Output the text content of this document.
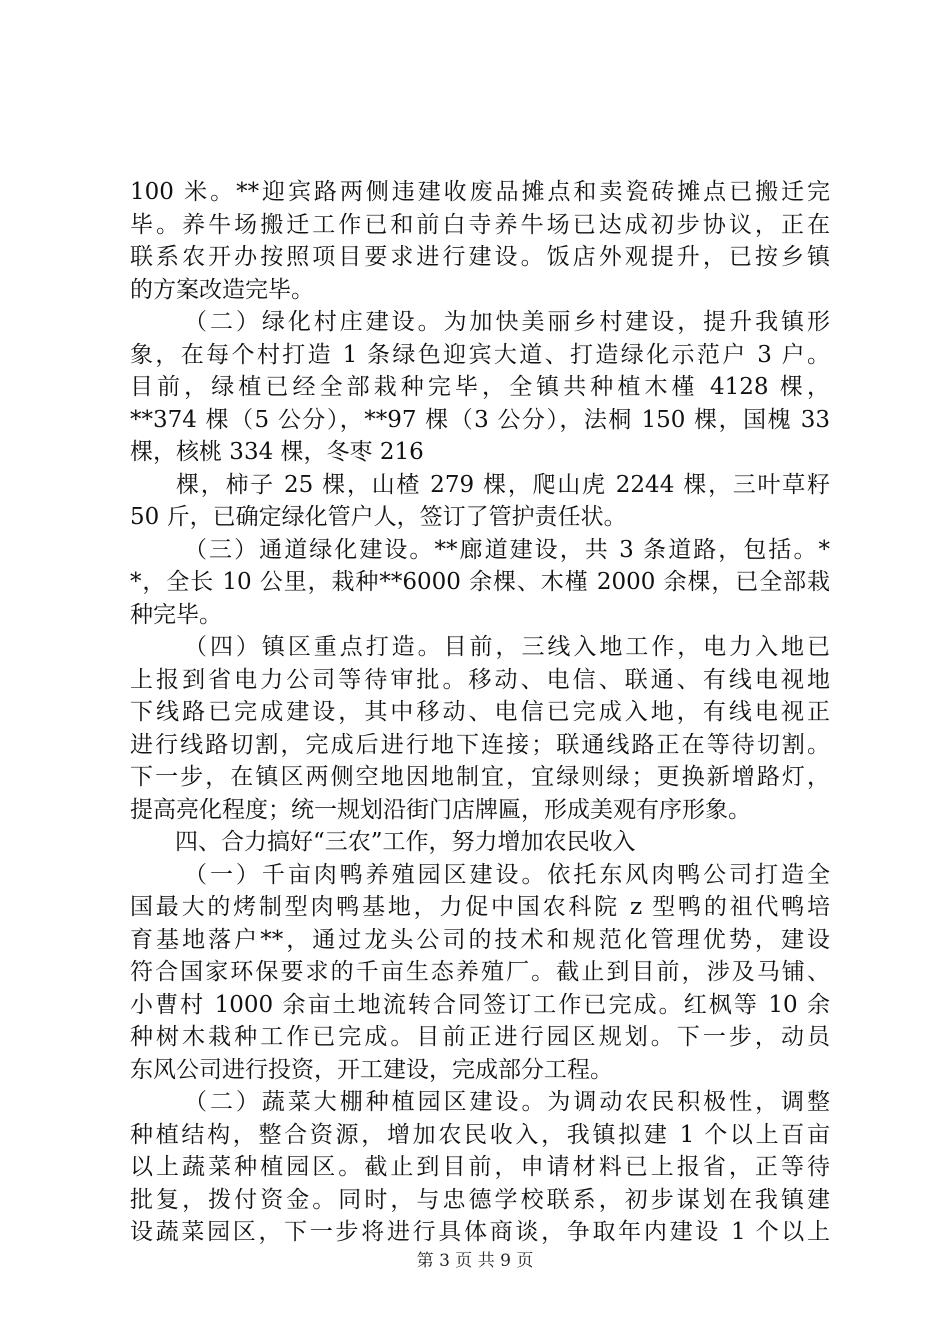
100 米。**迎宾路两侧违建收废品摊点和卖瓷砖摊点已搬迁完
毕。养牛场搬迁工作已和前白寺养牛场已达成初步协议，正在
联系农开办按照项目要求进行建设。饭店外观提升，已按乡镇
的方案改造完毕。
（二）绿化村庄建设。为加快美丽乡村建设，提升我镇形
象，在每个村打造 1 条绿色迎宾大道、打造绿化示范户 3 户。
目前，绿植已经全部栽种完毕，全镇共种植木槿 4128 棵，
**374 棵（5 公分），**97 棵（3 公分），法桐 150 棵，国槐 33
棵，核桃 334 棵，冬枣 216
棵，柿子 25 棵，山楂 279 棵，爬山虎 2244 棵，三叶草籽
50 斤，已确定绿化管户人，签订了管护责任状。
（三）通道绿化建设。**廊道建设，共 3 条道路，包括。*
*，全长 10 公里，栽种**6000 余棵、木槿 2000 余棵，已全部栽
种完毕。
（四）镇区重点打造。目前，三线入地工作，电力入地已
上报到省电力公司等待审批。移动、电信、联通、有线电视地
下线路已完成建设，其中移动、电信已完成入地，有线电视正
进行线路切割，完成后进行地下连接；联通线路正在等待切割。
下一步，在镇区两侧空地因地制宜，宜绿则绿；更换新增路灯，
提高亮化程度；统一规划沿街门店牌匾，形成美观有序形象。
四、合力搞好“三农”工作，努力增加农民收入
（一）千亩肉鸭养殖园区建设。依托东风肉鸭公司打造全
国最大的烤制型肉鸭基地，力促中国农科院 z 型鸭的祖代鸭培
育基地落户**，通过龙头公司的技术和规范化管理优势，建设
符合国家环保要求的千亩生态养殖厂。截止到目前，涉及马铺、
小曹村 1000 余亩土地流转合同签订工作已完成。红枫等 10 余
种树木栽种工作已完成。目前正进行园区规划。下一步，动员
东风公司进行投资，开工建设，完成部分工程。
（二）蔬菜大棚种植园区建设。为调动农民积极性，调整
种植结构，整合资源，增加农民收入，我镇拟建 1 个以上百亩
以上蔬菜种植园区。截止到目前，申请材料已上报省，正等待
批复，拨付资金。同时，与忠德学校联系，初步谋划在我镇建
设蔬菜园区，下一步将进行具体商谈，争取年内建设 1 个以上
第 3 页 共 9 页
